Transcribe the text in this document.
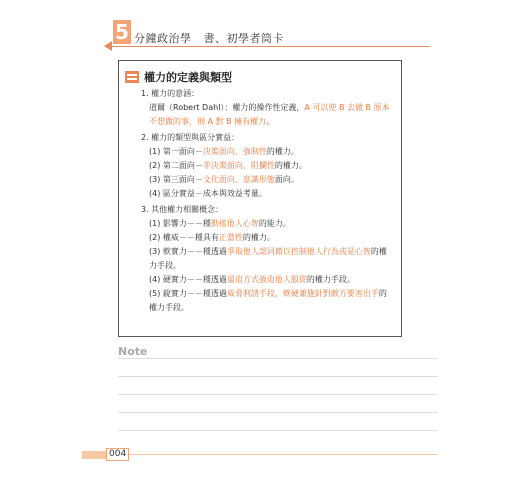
5 分鐘政治學 書、初學者筒卡
權力的定義與類型
1. 權力的意涵：
道爾（Robert Dahl）：權力的操作性定義，A 可以使 B 去做 B 原本不想做的事，則 A 對 B 擁有權力。
2. 權力的類型與區分實益：
(1) 第一面向－決策面向、強制性的權力。
(2) 第二面向－非決策面向、阻攔性的權力。
(3) 第三面向－文化面向、意識形態面向。
(4) 區分實益－成本與效益考量。
3. 其他權力相關概念：
(1) 影響力－－種動搖他人心智的能力。
(2) 權威－－種具有正當性的權力。
(3) 軟實力－－種透過爭取他人認同藉以控制他人行為或是心智的權力手段。
(4) 硬實力－－種透過逼迫方式強迫他人服從的權力手段。
(5) 銳實力－－種透過威脅利誘手段，軟硬兼施針對敵方要害出手的權力手段。
Note
004
